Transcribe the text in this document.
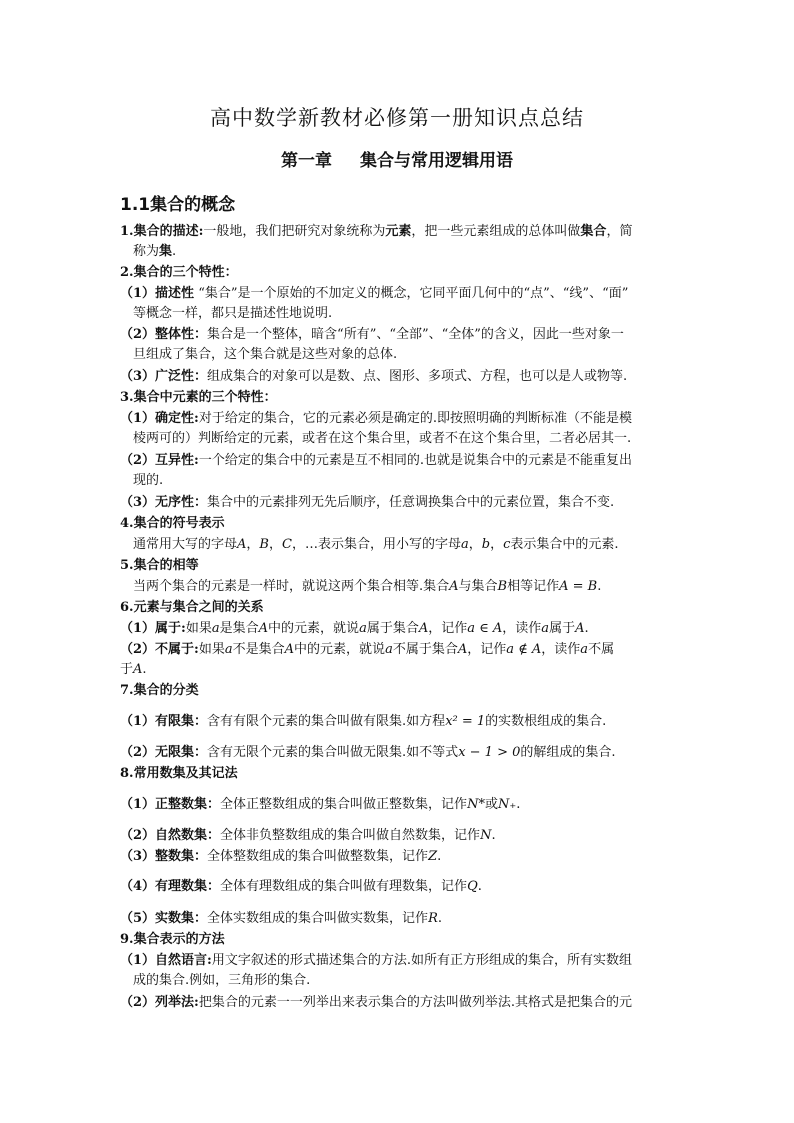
高中数学新教材必修第一册知识点总结
第一章 集合与常用逻辑用语
1.1集合的概念

1.集合的描述:一般地，我们把研究对象统称为元素，把一些元素组成的总体叫做集合，简

称为集.

2.集合的三个特性：

（1）描述性 “集合”是一个原始的不加定义的概念，它同平面几何中的“点”、“线”、“面”

等概念一样，都只是描述性地说明.

（2）整体性：集合是一个整体，暗含“所有”、“全部”、“全体”的含义，因此一些对象一

旦组成了集合，这个集合就是这些对象的总体.

（3）广泛性：组成集合的对象可以是数、点、图形、多项式、方程，也可以是人或物等.

3.集合中元素的三个特性：

（1）确定性:对于给定的集合，它的元素必须是确定的.即按照明确的判断标准（不能是模

棱两可的）判断给定的元素，或者在这个集合里，或者不在这个集合里，二者必居其一.

（2）互异性:一个给定的集合中的元素是互不相同的.也就是说集合中的元素是不能重复出

现的.

（3）无序性：集合中的元素排列无先后顺序，任意调换集合中的元素位置，集合不变.

4.集合的符号表示

通常用大写的字母A，B，C，…表示集合，用小写的字母a，b，c表示集合中的元素.

5.集合的相等

当两个集合的元素是一样时，就说这两个集合相等.集合A与集合B相等记作A = B.

6.元素与集合之间的关系

（1）属于:如果a是集合A中的元素，就说a属于集合A，记作a ∈ A，读作a属于A.

（2）不属于:如果a不是集合A中的元素，就说a不属于集合A，记作a ∉ A，读作a不属

于A.

7.集合的分类

（1）有限集：含有有限个元素的集合叫做有限集.如方程x² = 1的实数根组成的集合.

（2）无限集：含有无限个元素的集合叫做无限集.如不等式x − 1 > 0的解组成的集合.

8.常用数集及其记法

（1）正整数集：全体正整数组成的集合叫做正整数集，记作N*或N₊.

（2）自然数集：全体非负整数组成的集合叫做自然数集，记作N.

（3）整数集：全体整数组成的集合叫做整数集，记作Z.

（4）有理数集：全体有理数组成的集合叫做有理数集，记作Q.

（5）实数集：全体实数组成的集合叫做实数集，记作R.

9.集合表示的方法

（1）自然语言:用文字叙述的形式描述集合的方法.如所有正方形组成的集合，所有实数组

成的集合.例如，三角形的集合.

（2）列举法:把集合的元素一一列举出来表示集合的方法叫做列举法.其格式是把集合的元
